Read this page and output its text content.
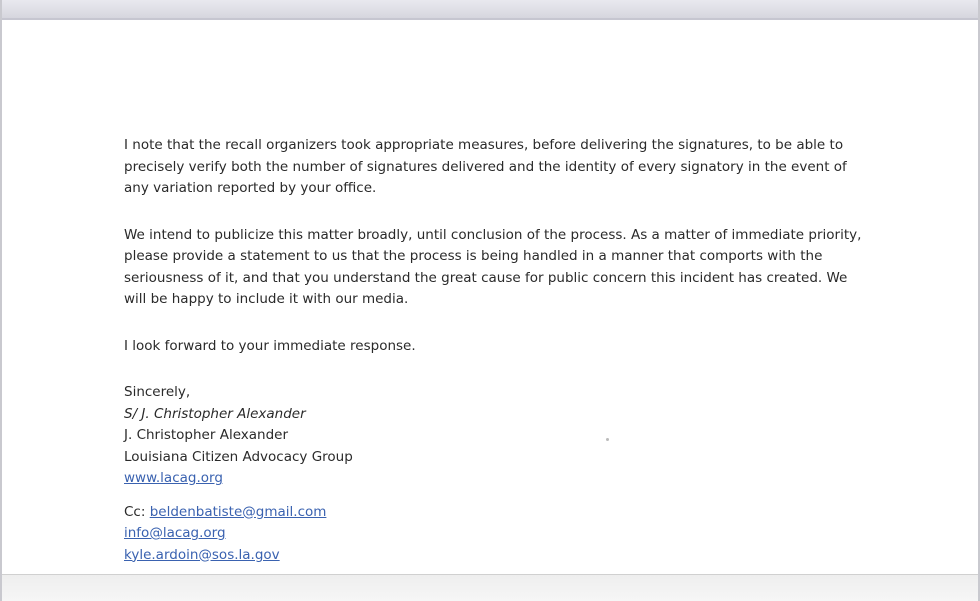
I note that the recall organizers took appropriate measures, before delivering the signatures, to be able to precisely verify both the number of signatures delivered and the identity of every signatory in the event of any variation reported by your office.

We intend to publicize this matter broadly, until conclusion of the process. As a matter of immediate priority, please provide a statement to us that the process is being handled in a manner that comports with the seriousness of it, and that you understand the great cause for public concern this incident has created. We will be happy to include it with our media.

I look forward to your immediate response.

Sincerely,
S/ J. Christopher Alexander
J. Christopher Alexander
Louisiana Citizen Advocacy Group
www.lacag.org
Cc: beldenbatiste@gmail.com
info@lacag.org
kyle.ardoin@sos.la.gov
